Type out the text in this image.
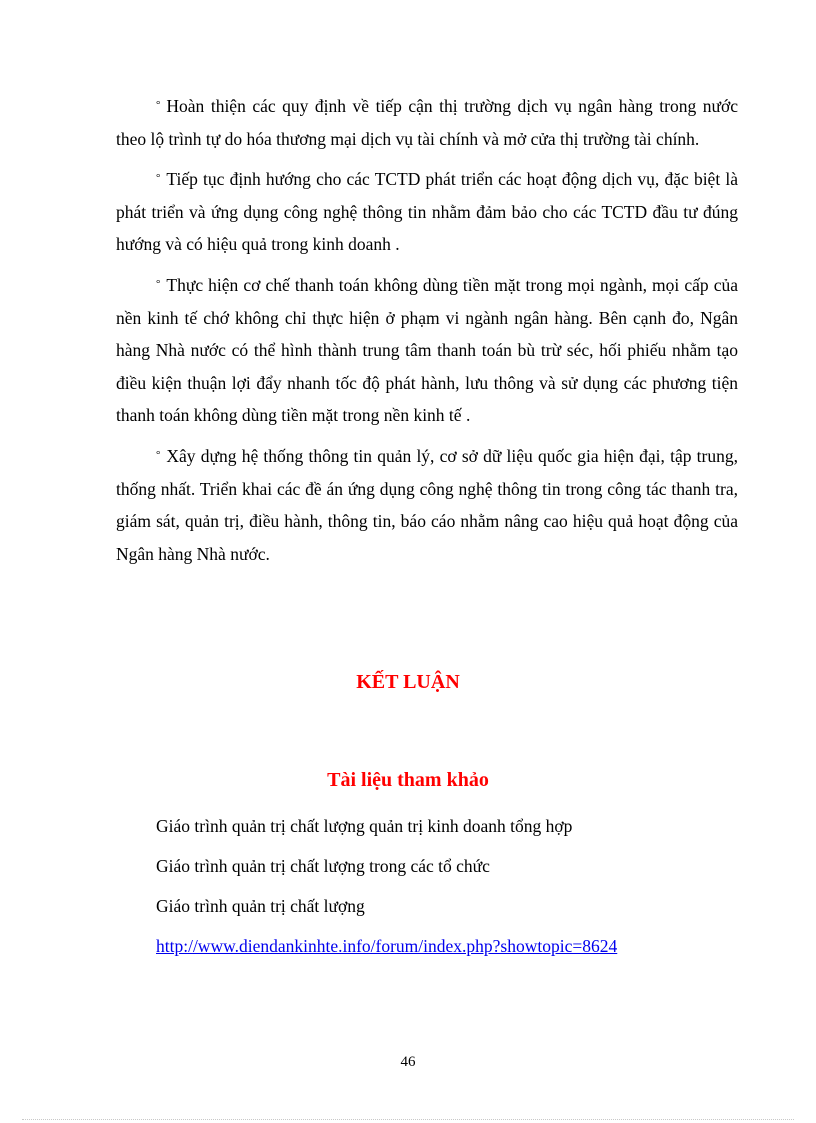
° Hoàn thiện các quy định về tiếp cận thị trường dịch vụ ngân hàng trong nước theo lộ trình tự do hóa thương mại dịch vụ tài chính và mở cửa thị trường tài chính.

° Tiếp tục định hướng cho các TCTD phát triển các hoạt động dịch vụ, đặc biệt là phát triển và ứng dụng công nghệ thông tin nhằm đảm bảo cho các TCTD đầu tư đúng hướng và có hiệu quả trong kinh doanh .

° Thực hiện cơ chế thanh toán không dùng tiền mặt trong mọi ngành, mọi cấp của nền kinh tế chớ không chỉ thực hiện ở phạm vi ngành ngân hàng. Bên cạnh đo, Ngân hàng Nhà nước có thể hình thành trung tâm thanh toán bù trừ séc, hối phiếu nhằm tạo điều kiện thuận lợi đẩy nhanh tốc độ phát hành, lưu thông và sử dụng các phương tiện thanh toán không dùng tiền mặt trong nền kinh tế .

° Xây dựng hệ thống thông tin quản lý, cơ sở dữ liệu quốc gia hiện đại, tập trung, thống nhất. Triển khai các đề án ứng dụng công nghệ thông tin trong công tác thanh tra, giám sát, quản trị, điều hành, thông tin, báo cáo nhằm nâng cao hiệu quả hoạt động của Ngân hàng Nhà nước.

KẾT LUẬN
Tài liệu tham khảo
Giáo trình quản trị chất lượng quản trị kinh doanh tổng hợp
Giáo trình quản trị chất lượng trong các tổ chức
Giáo trình quản trị chất lượng
http://www.diendankinhte.info/forum/index.php?showtopic=8624
46
